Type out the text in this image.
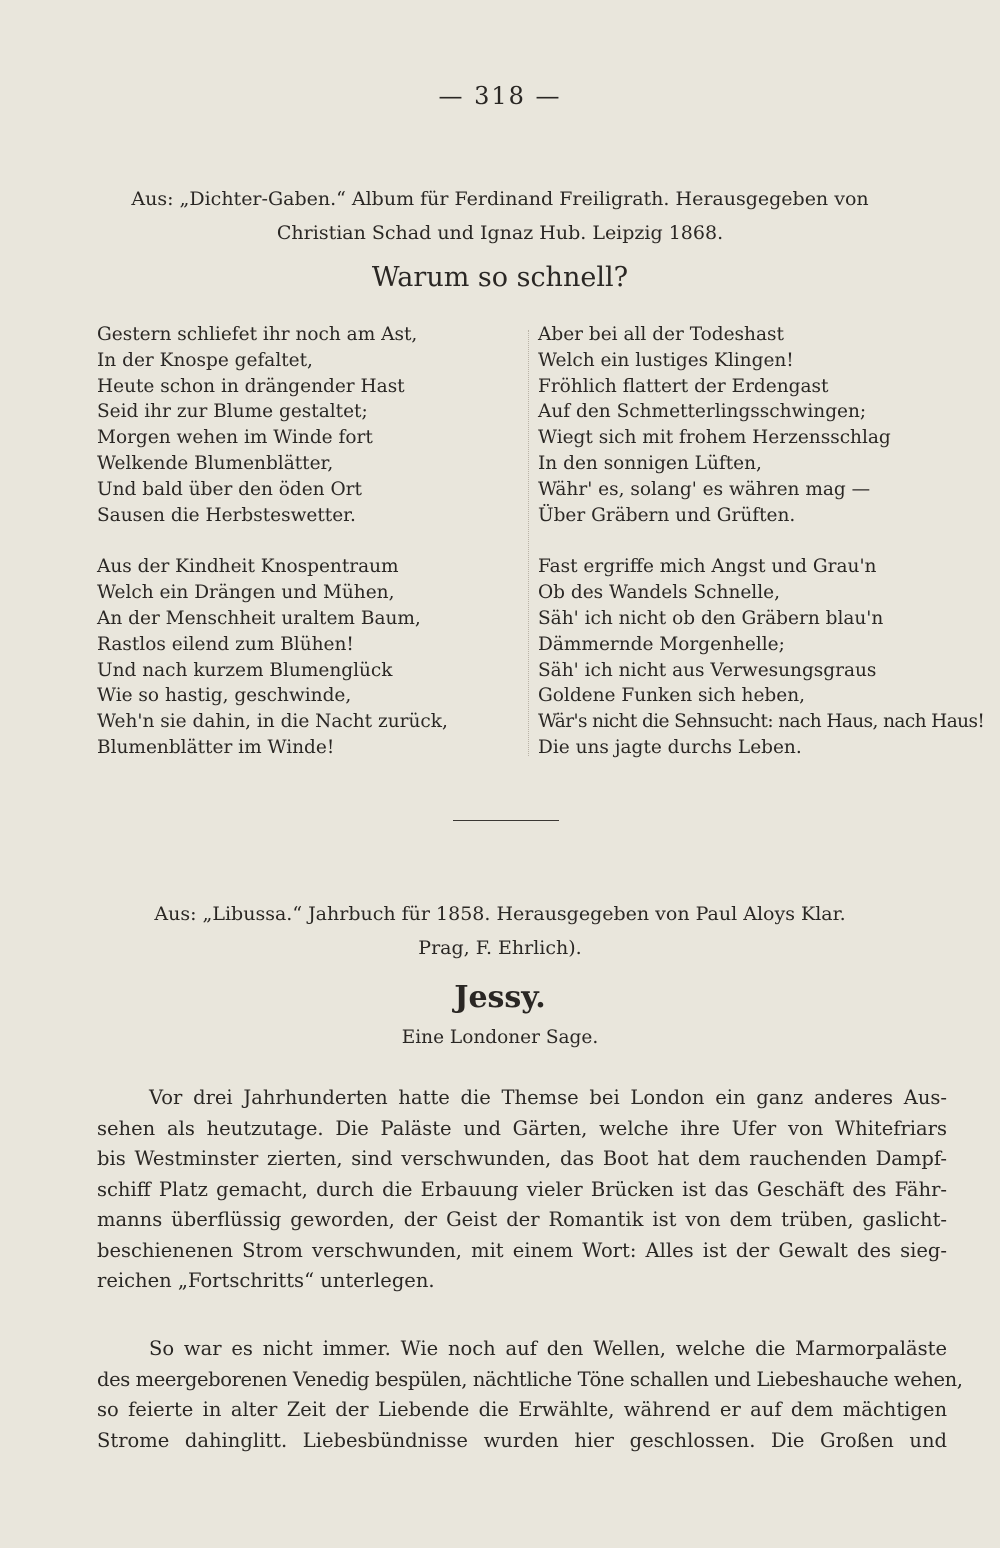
— 318 —
Aus: „Dichter-Gaben.“ Album für Ferdinand Freiligrath. Herausgegeben von
Christian Schad und Ignaz Hub. Leipzig 1868.
Warum so schnell?
Gestern schliefet ihr noch am Ast,
In der Knospe gefaltet,
Heute schon in drängender Hast
Seid ihr zur Blume gestaltet;
Morgen wehen im Winde fort
Welkende Blumenblätter,
Und bald über den öden Ort
Sausen die Herbsteswetter.
Aus der Kindheit Knospentraum
Welch ein Drängen und Mühen,
An der Menschheit uraltem Baum,
Rastlos eilend zum Blühen!
Und nach kurzem Blumenglück
Wie so hastig, geschwinde,
Weh'n sie dahin, in die Nacht zurück,
Blumenblätter im Winde!
Aber bei all der Todeshast
Welch ein lustiges Klingen!
Fröhlich flattert der Erdengast
Auf den Schmetterlingsschwingen;
Wiegt sich mit frohem Herzensschlag
In den sonnigen Lüften,
Währ' es, solang' es währen mag —
Über Gräbern und Grüften.
Fast ergriffe mich Angst und Grau'n
Ob des Wandels Schnelle,
Säh' ich nicht ob den Gräbern blau'n
Dämmernde Morgenhelle;
Säh' ich nicht aus Verwesungsgraus
Goldene Funken sich heben,
Wär's nicht die Sehnsucht: nach Haus, nach Haus!
Die uns jagte durchs Leben.
Aus: „Libussa.“ Jahrbuch für 1858. Herausgegeben von Paul Aloys Klar.
Prag, F. Ehrlich).
Jessy.
Eine Londoner Sage.
Vor drei Jahrhunderten hatte die Themse bei London ein ganz anderes Aus-
sehen als heutzutage. Die Paläste und Gärten, welche ihre Ufer von Whitefriars
bis Westminster zierten, sind verschwunden, das Boot hat dem rauchenden Dampf-
schiff Platz gemacht, durch die Erbauung vieler Brücken ist das Geschäft des Fähr-
manns überflüssig geworden, der Geist der Romantik ist von dem trüben, gaslicht-
beschienenen Strom verschwunden, mit einem Wort: Alles ist der Gewalt des sieg-
reichen „Fortschritts“ unterlegen.
So war es nicht immer. Wie noch auf den Wellen, welche die Marmorpaläste
des meergeborenen Venedig bespülen, nächtliche Töne schallen und Liebeshauche wehen,
so feierte in alter Zeit der Liebende die Erwählte, während er auf dem mächtigen
Strome dahinglitt. Liebesbündnisse wurden hier geschlossen. Die Großen und
